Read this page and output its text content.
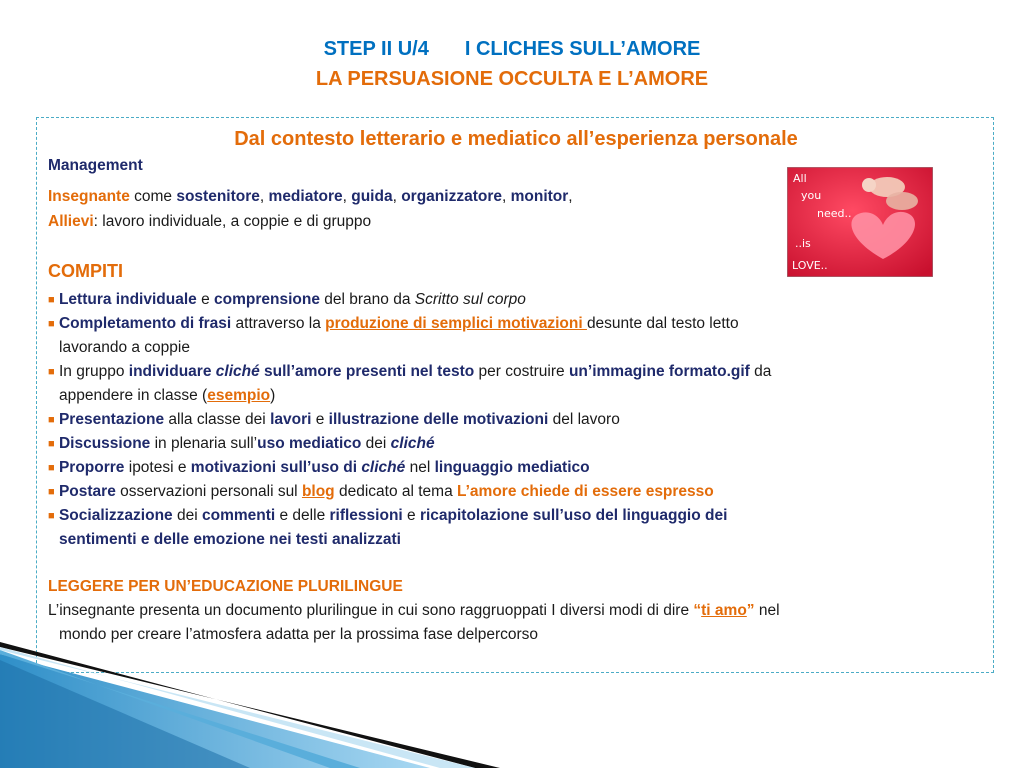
STEP II U/4 I CLICHES SULL’AMORE
LA PERSUASIONE OCCULTA E L’AMORE
Dal contesto letterario e mediatico all’esperienza personale
Management
Insegnante come sostenitore, mediatore, guida, organizzatore, monitor,
Allievi: lavoro individuale, a coppie e di gruppo
COMPITI
■ Lettura individuale e comprensione del brano da Scritto sul corpo
■ Completamento di frasi attraverso la produzione di semplici motivazioni desunte dal testo letto
lavorando a coppie
■ In gruppo individuare cliché sull’amore presenti nel testo per costruire un’immagine formato.gif da
appendere in classe (esempio)
■ Presentazione alla classe dei lavori e illustrazione delle motivazioni del lavoro
■ Discussione in plenaria sull’uso mediatico dei cliché
■ Proporre ipotesi e motivazioni sull’uso di cliché nel linguaggio mediatico
■ Postare osservazioni personali sul blog dedicato al tema L’amore chiede di essere espresso
■ Socializzazione dei commenti e delle riflessioni e ricapitolazione sull’uso del linguaggio dei
sentimenti e delle emozione nei testi analizzati
LEGGERE PER UN’EDUCAZIONE PLURILINGUE
L’insegnante presenta un documento plurilingue in cui sono raggruoppati I diversi modi di dire “ti amo” nel
mondo per creare l’atmosfera adatta per la prossima fase delpercorso
All
you
need..
..is
LOVE..
